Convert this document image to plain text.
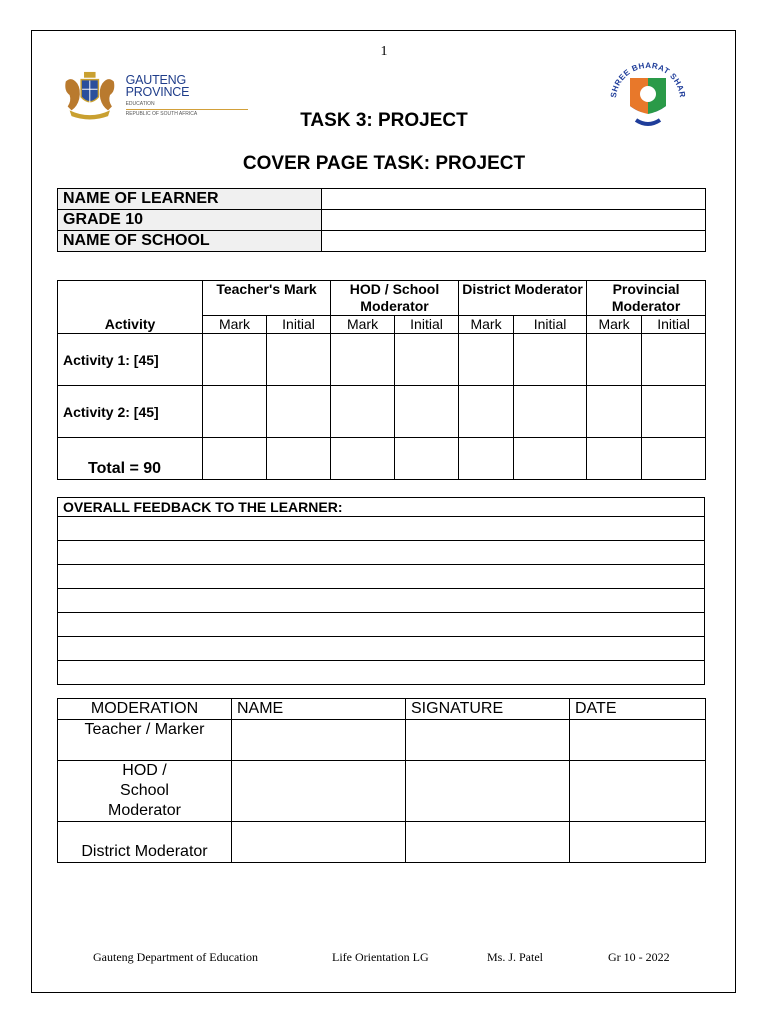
1
GAUTENG PROVINCE
EDUCATION
REPUBLIC OF SOUTH AFRICA
SHREE BHARAT SHAR
TASK 3: PROJECT
COVER PAGE TASK: PROJECT
NAME OF LEARNER	
GRADE 10	
NAME OF SCHOOL	
Activity	Teacher's Mark		HOD / School Moderator		District Moderator		Provincial Moderator	
	Mark	Initial	Mark	Initial	Mark	Initial	Mark	Initial
Activity 1: [45]								
Activity 2: [45]								
Total = 90								
OVERALL FEEDBACK TO THE LEARNER:

MODERATION	NAME	SIGNATURE	DATE
Teacher / Marker			
HOD / School Moderator			
District Moderator			
Gauteng Department of Education	Life Orientation LG	Ms. J. Patel	Gr 10 - 2022
